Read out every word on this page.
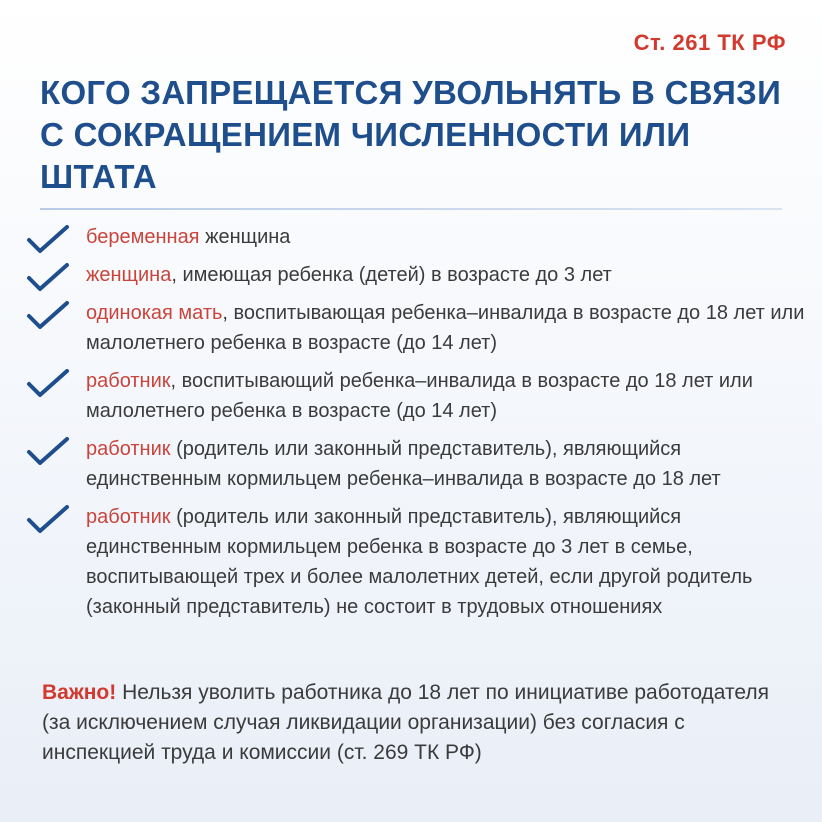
Ст. 261 ТК РФ
КОГО ЗАПРЕЩАЕТСЯ УВОЛЬНЯТЬ В СВЯЗИ С СОКРАЩЕНИЕМ ЧИСЛЕННОСТИ ИЛИ ШТАТА
беременная женщина
женщина, имеющая ребенка (детей) в возрасте до 3 лет
одинокая мать, воспитывающая ребенка–инвалида в возрасте до 18 лет или малолетнего ребенка в возрасте (до 14 лет)
работник, воспитывающий ребенка–инвалида в возрасте до 18 лет или малолетнего ребенка в возрасте (до 14 лет)
работник (родитель или законный представитель), являющийся единственным кормильцем ребенка–инвалида в возрасте до 18 лет
работник (родитель или законный представитель), являющийся единственным кормильцем ребенка в возрасте до 3 лет в семье, воспитывающей трех и более малолетних детей, если другой родитель (законный представитель) не состоит в трудовых отношениях
Важно! Нельзя уволить работника до 18 лет по инициативе работодателя (за исключением случая ликвидации организации) без согласия с инспекцией труда и комиссии (ст. 269 ТК РФ)
